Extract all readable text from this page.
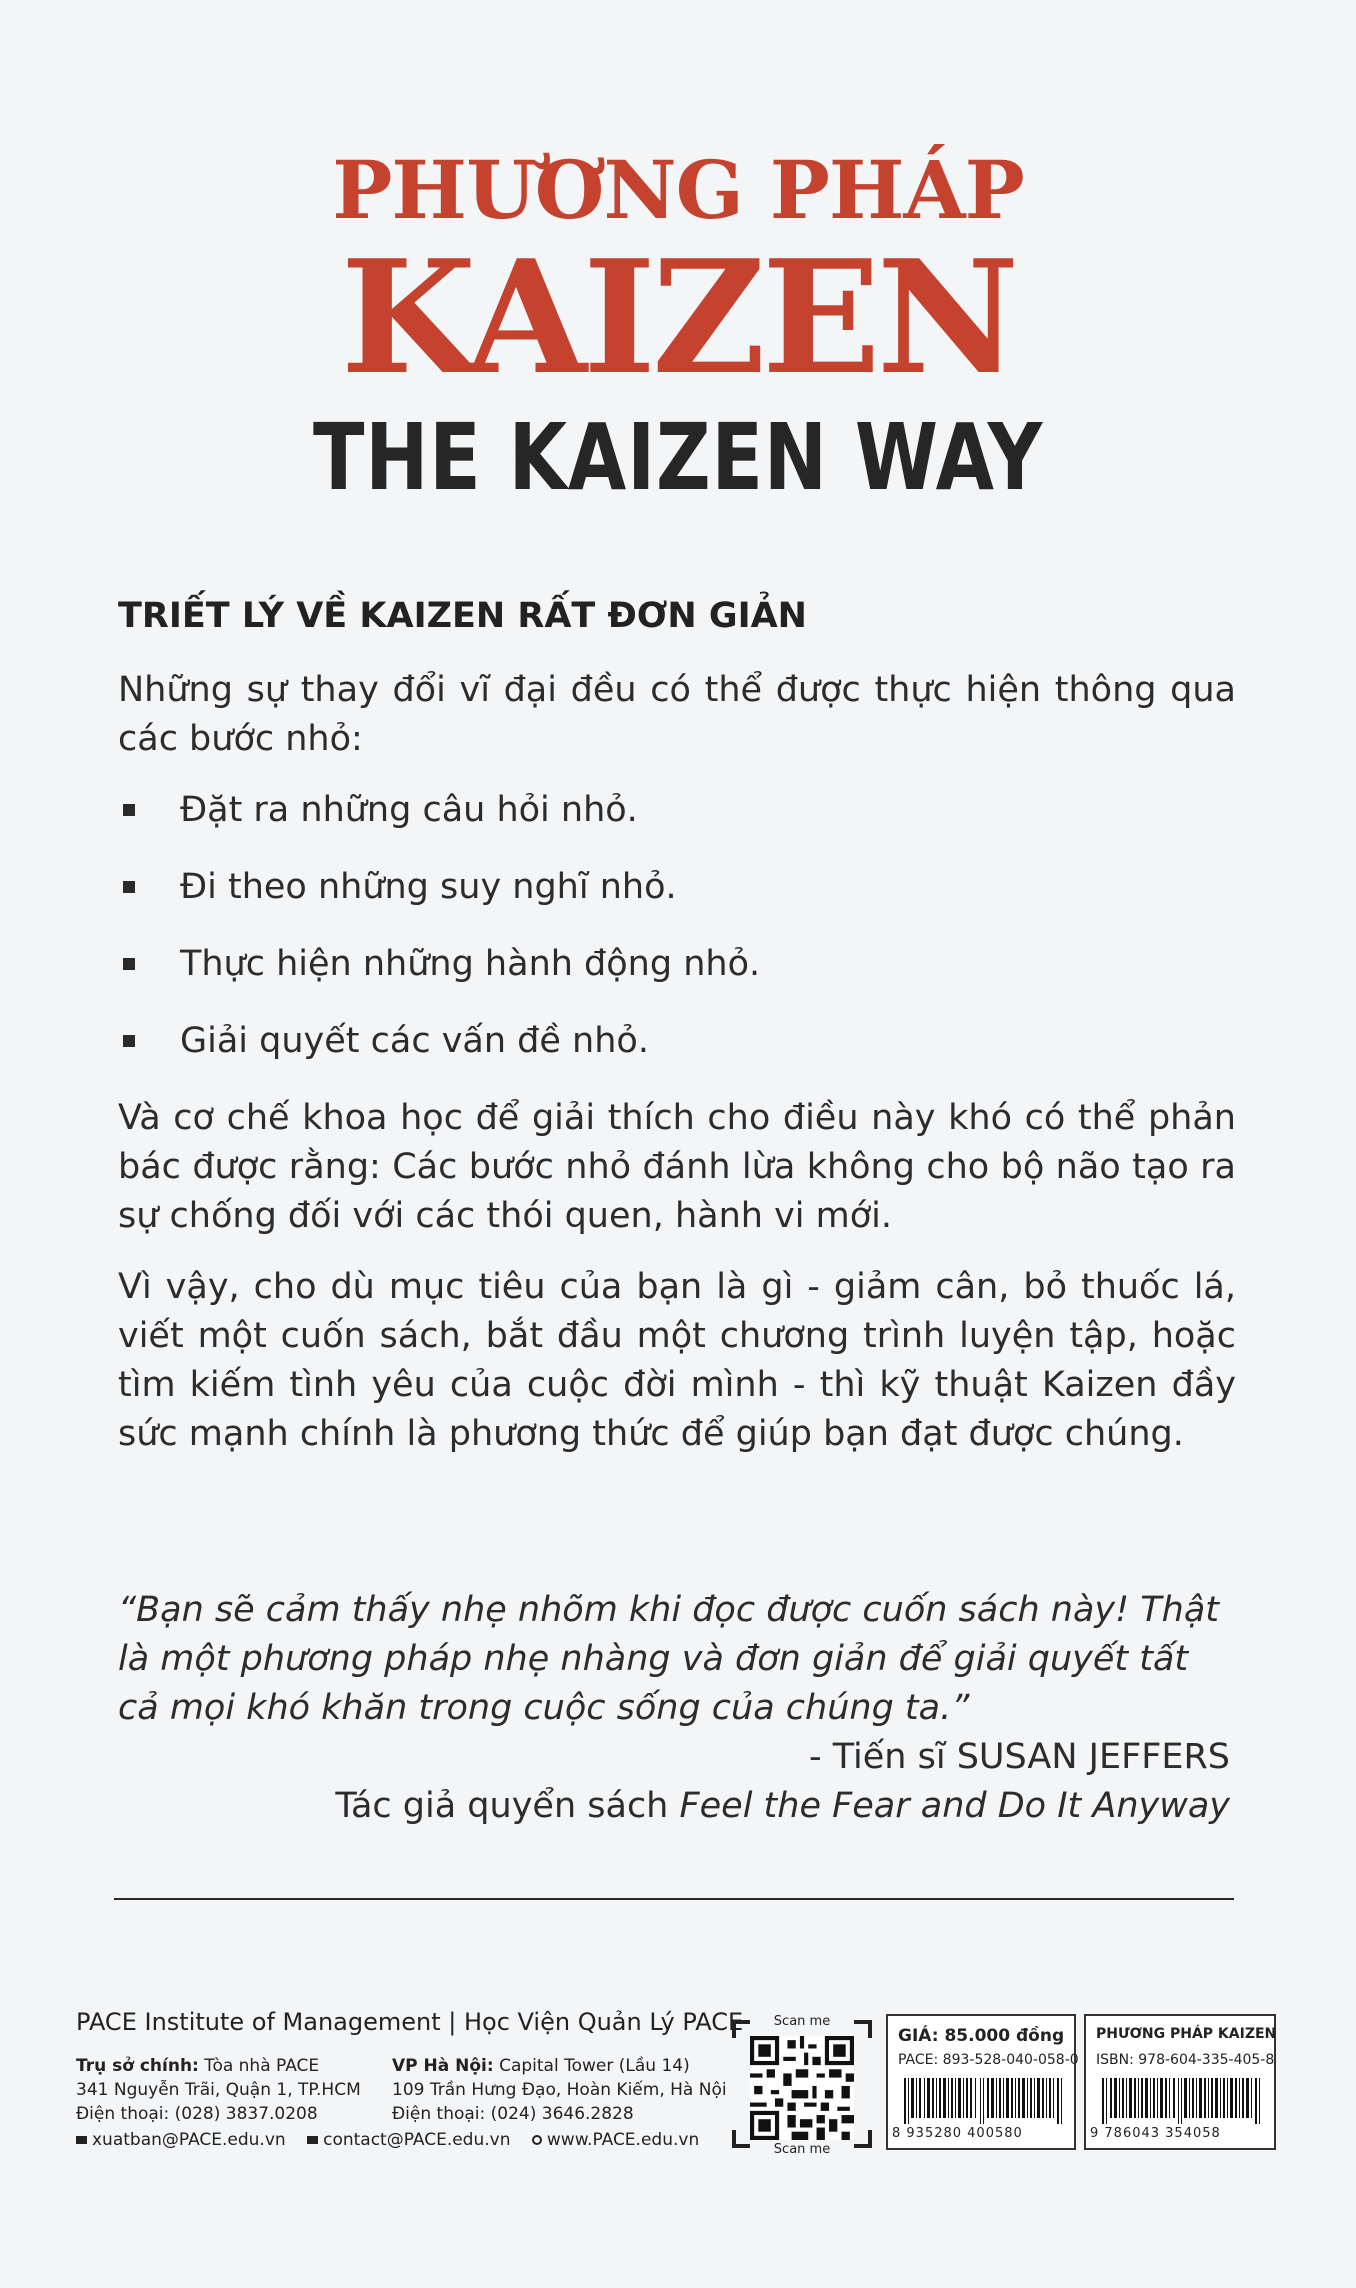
PHƯƠNG PHÁP
KAIZEN
THE KAIZEN WAY
TRIẾT LÝ VỀ KAIZEN RẤT ĐƠN GIẢN

Những sự thay đổi vĩ đại đều có thể được thực hiện thông qua các bước nhỏ:

Đặt ra những câu hỏi nhỏ.
Đi theo những suy nghĩ nhỏ.
Thực hiện những hành động nhỏ.
Giải quyết các vấn đề nhỏ.

Và cơ chế khoa học để giải thích cho điều này khó có thể phản bác được rằng: Các bước nhỏ đánh lừa không cho bộ não tạo ra sự chống đối với các thói quen, hành vi mới.

Vì vậy, cho dù mục tiêu của bạn là gì - giảm cân, bỏ thuốc lá, viết một cuốn sách, bắt đầu một chương trình luyện tập, hoặc tìm kiếm tình yêu của cuộc đời mình - thì kỹ thuật Kaizen đầy sức mạnh chính là phương thức để giúp bạn đạt được chúng.

“Bạn sẽ cảm thấy nhẹ nhõm khi đọc được cuốn sách này! Thật là một phương pháp nhẹ nhàng và đơn giản để giải quyết tất cả mọi khó khăn trong cuộc sống của chúng ta.”

- Tiến sĩ SUSAN JEFFERS

Tác giả quyển sách Feel the Fear and Do It Anyway

PACE Institute of Management | Học Viện Quản Lý PACE
Trụ sở chính: Tòa nhà PACE
341 Nguyễn Trãi, Quận 1, TP.HCM
Điện thoại: (028) 3837.0208
VP Hà Nội: Capital Tower (Lầu 14)
109 Trần Hưng Đạo, Hoàn Kiếm, Hà Nội
Điện thoại: (024) 3646.2828
xuatban@PACE.edu.vn contact@PACE.edu.vn www.PACE.edu.vn
Scan me
Scan me
GIÁ: 85.000 đồng
PACE: 893-528-040-058-0
8 935280 400580
PHƯƠNG PHÁP KAIZEN
ISBN: 978-604-335-405-8
9 786043 354058
